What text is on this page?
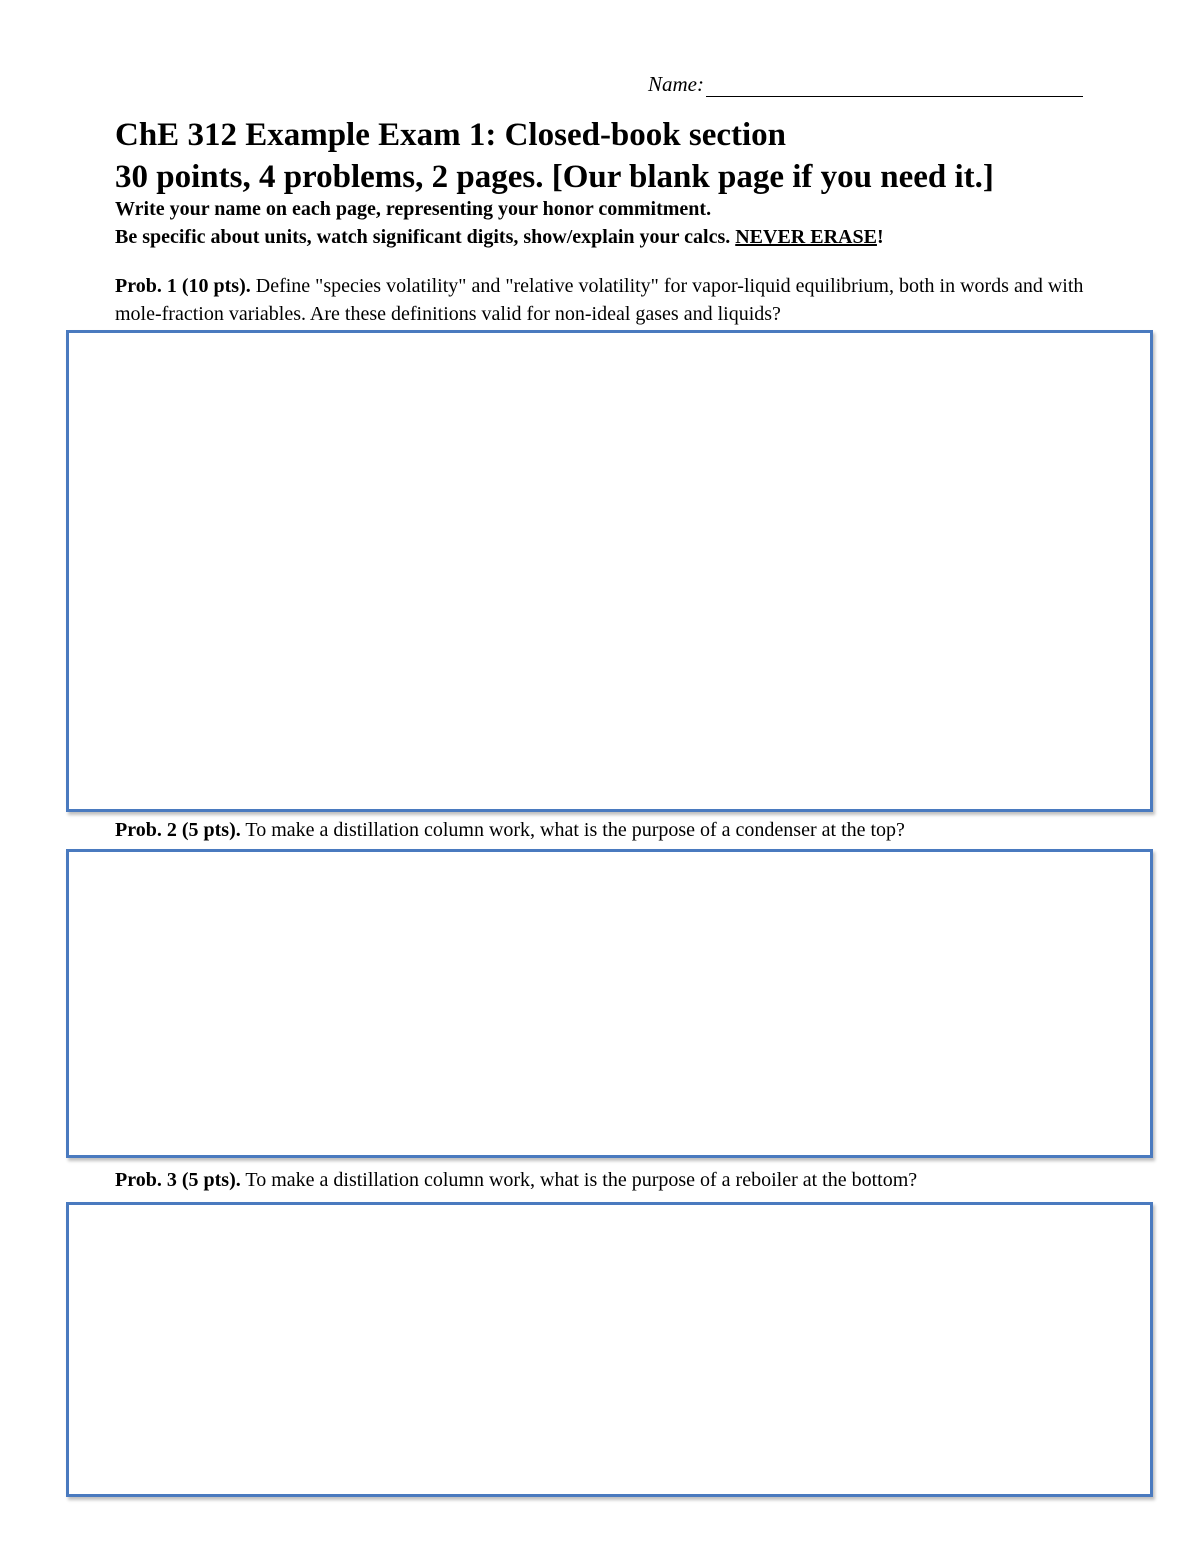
Name:
ChE 312 Example Exam 1: Closed-book section
30 points, 4 problems, 2 pages. [Our blank page if you need it.]
Write your name on each page, representing your honor commitment.
Be specific about units, watch significant digits, show/explain your calcs. NEVER ERASE!
Prob. 1 (10 pts). Define "species volatility" and "relative volatility" for vapor-liquid equilibrium, both in words and with mole-fraction variables. Are these definitions valid for non-ideal gases and liquids?
Prob. 2 (5 pts). To make a distillation column work, what is the purpose of a condenser at the top?
Prob. 3 (5 pts). To make a distillation column work, what is the purpose of a reboiler at the bottom?
